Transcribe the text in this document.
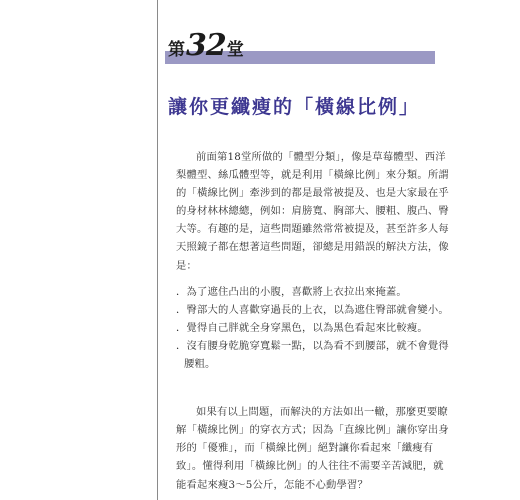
第 32 堂
讓你更纖瘦的「橫線比例」

前面第18堂所做的「體型分類」，像是草莓體型、西洋
梨體型、絲瓜體型等，就是利用「橫線比例」來分類。所謂
的「橫線比例」牽涉到的都是最常被提及、也是大家最在乎
的身材林林總總，例如：肩膀寬、胸部大、腰粗、腹凸、臀
大等。有趣的是，這些問題雖然常常被提及，甚至許多人每
天照鏡子都在想著這些問題，卻總是用錯誤的解決方法，像
是：

．為了遮住凸出的小腹，喜歡將上衣拉出來掩蓋。
．臀部大的人喜歡穿過長的上衣，以為遮住臀部就會變小。
．覺得自己胖就全身穿黑色，以為黑色看起來比較瘦。
．沒有腰身乾脆穿寬鬆一點，以為看不到腰部，就不會覺得
腰粗。

如果有以上問題，而解決的方法如出一轍，那麼更要瞭
解「橫線比例」的穿衣方式；因為「直線比例」讓你穿出身
形的「優雅」，而「橫線比例」絕對讓你看起來「纖瘦有
致」。懂得利用「橫線比例」的人往往不需要辛苦減肥，就
能看起來瘦3～5公斤，怎能不心動學習？
